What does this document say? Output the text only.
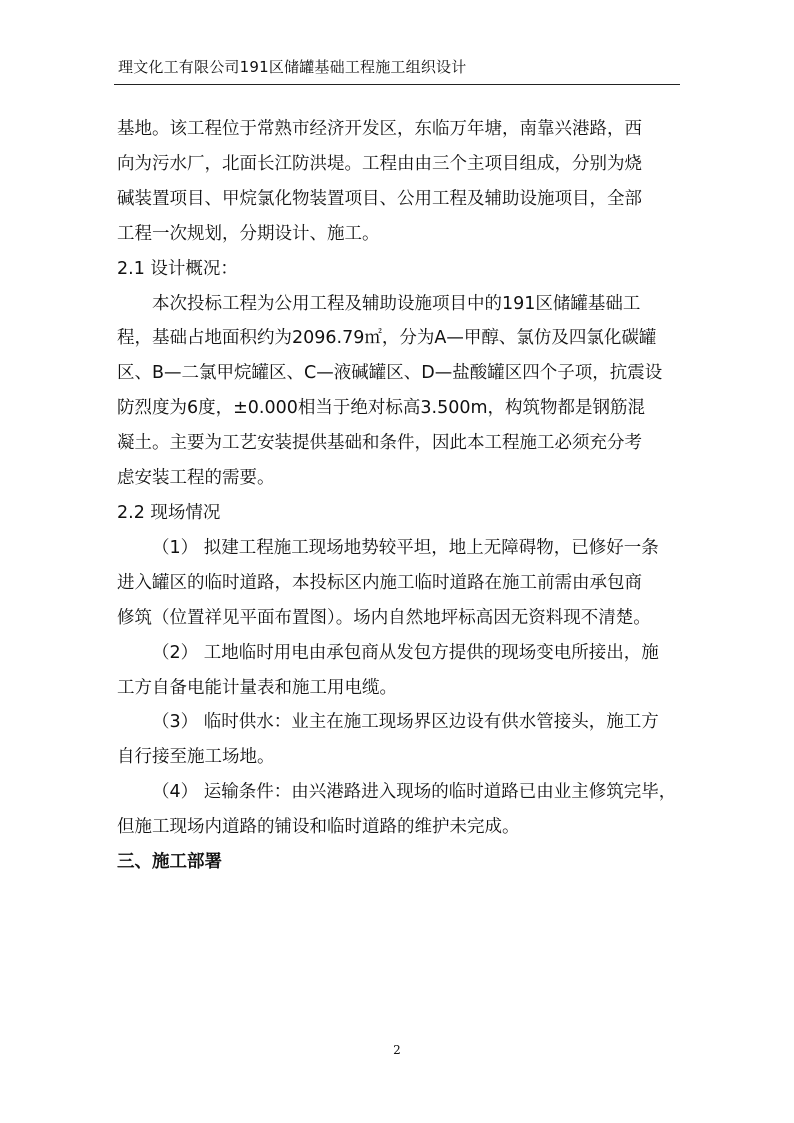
理文化工有限公司191区储罐基础工程施工组织设计

基地。该工程位于常熟市经济开发区，东临万年塘，南靠兴港路，西

向为污水厂，北面长江防洪堤。工程由由三个主项目组成，分别为烧

碱装置项目、甲烷氯化物装置项目、公用工程及辅助设施项目，全部

工程一次规划，分期设计、施工。

2.1 设计概况：

本次投标工程为公用工程及辅助设施项目中的191区储罐基础工

程，基础占地面积约为2096.79㎡，分为A—甲醇、氯仿及四氯化碳罐

区、B—二氯甲烷罐区、C—液碱罐区、D—盐酸罐区四个子项，抗震设

防烈度为6度，±0.000相当于绝对标高3.500m，构筑物都是钢筋混

凝土。主要为工艺安装提供基础和条件，因此本工程施工必须充分考

虑安装工程的需要。

2.2 现场情况

（1） 拟建工程施工现场地势较平坦，地上无障碍物，已修好一条

进入罐区的临时道路，本投标区内施工临时道路在施工前需由承包商

修筑（位置祥见平面布置图）。场内自然地坪标高因无资料现不清楚。

（2） 工地临时用电由承包商从发包方提供的现场变电所接出，施

工方自备电能计量表和施工用电缆。

（3） 临时供水：业主在施工现场界区边设有供水管接头，施工方

自行接至施工场地。

（4） 运输条件：由兴港路进入现场的临时道路已由业主修筑完毕，

但施工现场内道路的铺设和临时道路的维护未完成。

三、施工部署

2
